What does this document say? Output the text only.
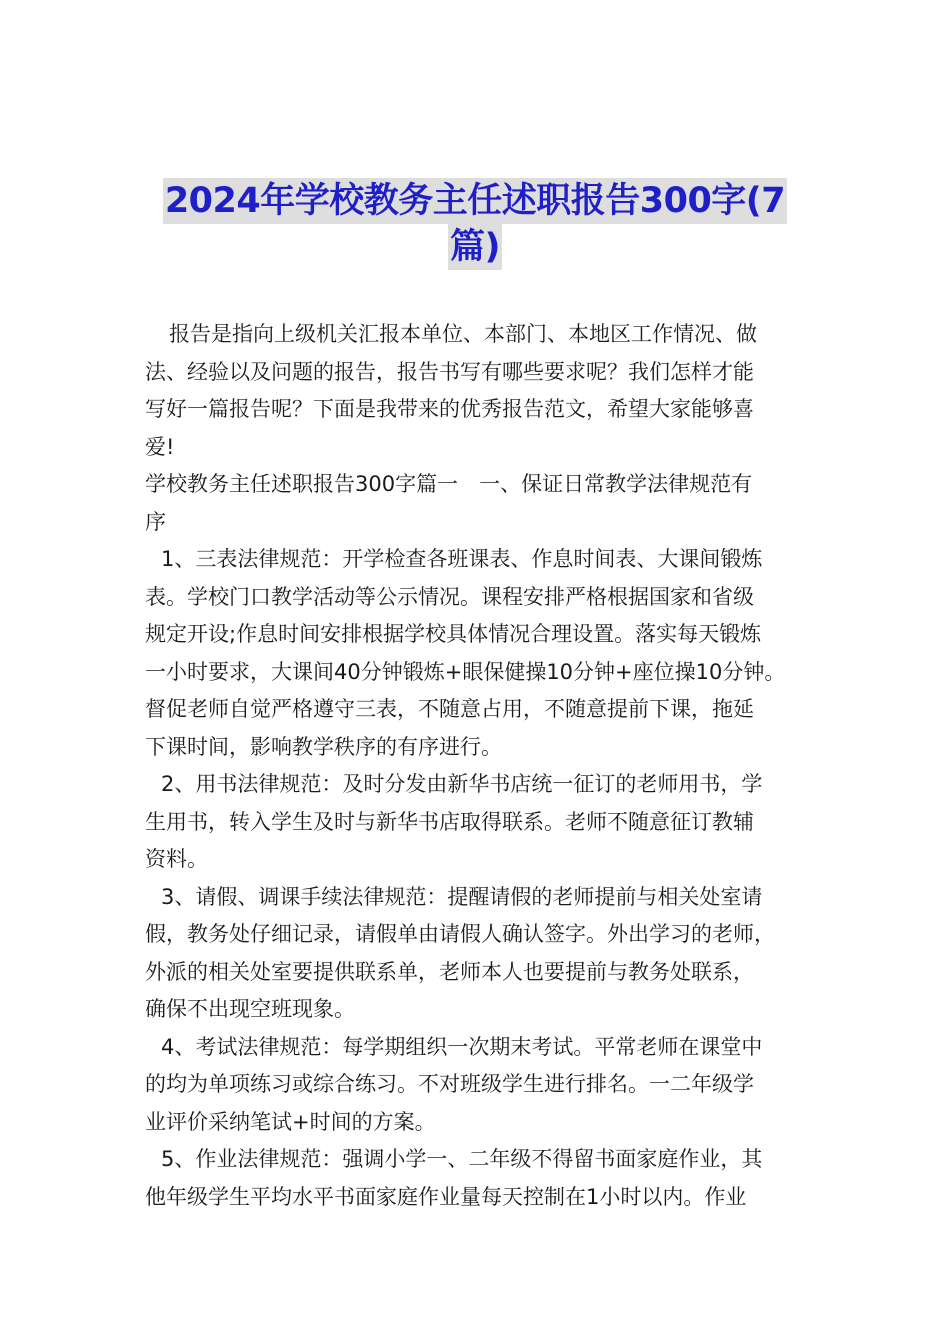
2024年学校教务主任述职报告300字(7
篇)

报告是指向上级机关汇报本单位、本部门、本地区工作情况、做
法、经验以及问题的报告，报告书写有哪些要求呢？我们怎样才能
写好一篇报告呢？下面是我带来的优秀报告范文，希望大家能够喜
爱!

学校教务主任述职报告300字篇一　一、保证日常教学法律规范有
序

1、三表法律规范：开学检查各班课表、作息时间表、大课间锻炼
表。学校门口教学活动等公示情况。课程安排严格根据国家和省级
规定开设;作息时间安排根据学校具体情况合理设置。落实每天锻炼
一小时要求，大课间40分钟锻炼+眼保健操10分钟+座位操10分钟。
督促老师自觉严格遵守三表，不随意占用，不随意提前下课，拖延
下课时间，影响教学秩序的有序进行。

2、用书法律规范：及时分发由新华书店统一征订的老师用书，学
生用书，转入学生及时与新华书店取得联系。老师不随意征订教辅
资料。

3、请假、调课手续法律规范：提醒请假的老师提前与相关处室请
假，教务处仔细记录，请假单由请假人确认签字。外出学习的老师，
外派的相关处室要提供联系单，老师本人也要提前与教务处联系，
确保不出现空班现象。

4、考试法律规范：每学期组织一次期末考试。平常老师在课堂中
的均为单项练习或综合练习。不对班级学生进行排名。一二年级学
业评价采纳笔试+时间的方案。

5、作业法律规范：强调小学一、二年级不得留书面家庭作业，其
他年级学生平均水平书面家庭作业量每天控制在1小时以内。作业
